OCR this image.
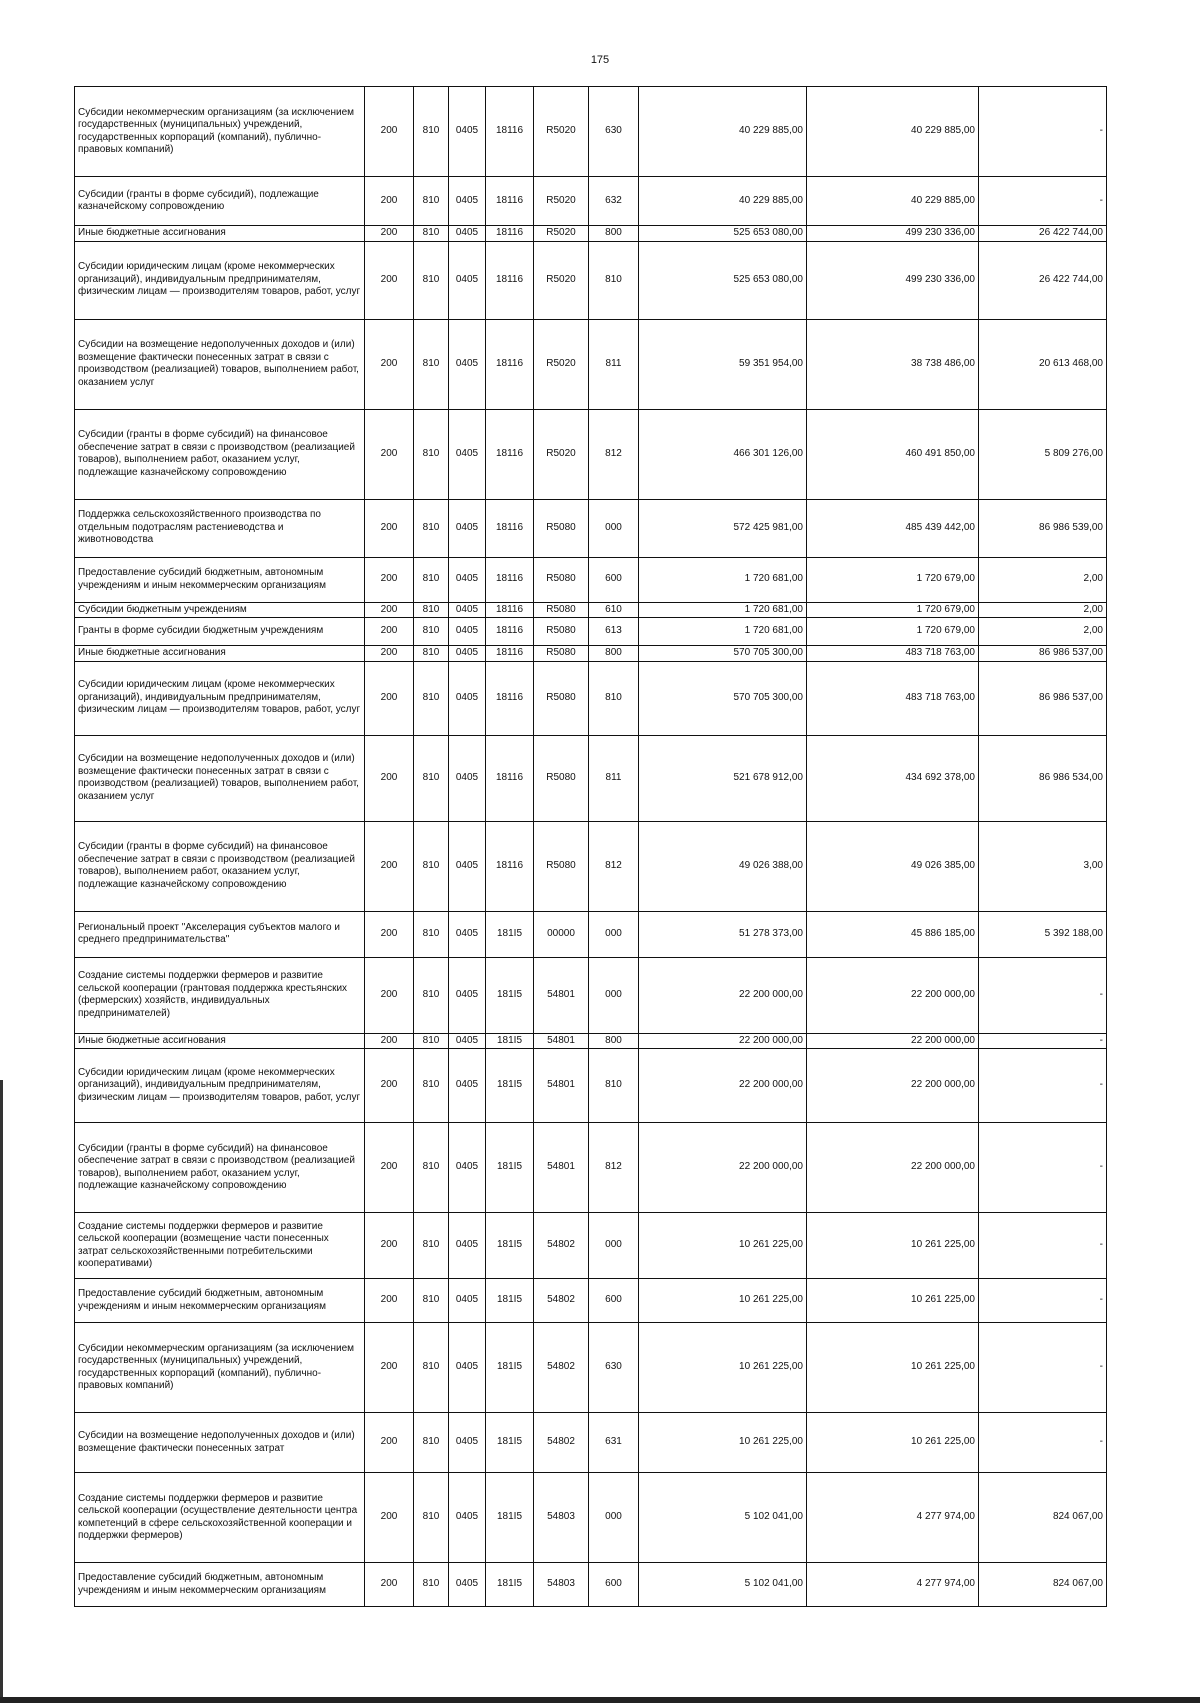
175
Субсидии некоммерческим организациям (за исключением государственных (муниципальных) учреждений, государственных корпораций (компаний), публично-правовых компаний)	200	810	0405	18116	R5020	630	40 229 885,00	40 229 885,00	-
Субсидии (гранты в форме субсидий), подлежащие казначейскому сопровождению	200	810	0405	18116	R5020	632	40 229 885,00	40 229 885,00	-
Иные бюджетные ассигнования	200	810	0405	18116	R5020	800	525 653 080,00	499 230 336,00	26 422 744,00
Субсидии юридическим лицам (кроме некоммерческих организаций), индивидуальным предпринимателям, физическим лицам — производителям товаров, работ, услуг	200	810	0405	18116	R5020	810	525 653 080,00	499 230 336,00	26 422 744,00
Субсидии на возмещение недополученных доходов и (или) возмещение фактически понесенных затрат в связи с производством (реализацией) товаров, выполнением работ, оказанием услуг	200	810	0405	18116	R5020	811	59 351 954,00	38 738 486,00	20 613 468,00
Субсидии (гранты в форме субсидий) на финансовое обеспечение затрат в связи с производством (реализацией товаров), выполнением работ, оказанием услуг, подлежащие казначейскому сопровождению	200	810	0405	18116	R5020	812	466 301 126,00	460 491 850,00	5 809 276,00
Поддержка сельскохозяйственного производства по отдельным подотраслям растениеводства и животноводства	200	810	0405	18116	R5080	000	572 425 981,00	485 439 442,00	86 986 539,00
Предоставление субсидий бюджетным, автономным учреждениям и иным некоммерческим организациям	200	810	0405	18116	R5080	600	1 720 681,00	1 720 679,00	2,00
Субсидии бюджетным учреждениям	200	810	0405	18116	R5080	610	1 720 681,00	1 720 679,00	2,00
Гранты в форме субсидии бюджетным учреждениям	200	810	0405	18116	R5080	613	1 720 681,00	1 720 679,00	2,00
Иные бюджетные ассигнования	200	810	0405	18116	R5080	800	570 705 300,00	483 718 763,00	86 986 537,00
Субсидии юридическим лицам (кроме некоммерческих организаций), индивидуальным предпринимателям, физическим лицам — производителям товаров, работ, услуг	200	810	0405	18116	R5080	810	570 705 300,00	483 718 763,00	86 986 537,00
Субсидии на возмещение недополученных доходов и (или) возмещение фактически понесенных затрат в связи с производством (реализацией) товаров, выполнением работ, оказанием услуг	200	810	0405	18116	R5080	811	521 678 912,00	434 692 378,00	86 986 534,00
Субсидии (гранты в форме субсидий) на финансовое обеспечение затрат в связи с производством (реализацией товаров), выполнением работ, оказанием услуг, подлежащие казначейскому сопровождению	200	810	0405	18116	R5080	812	49 026 388,00	49 026 385,00	3,00
Региональный проект "Акселерация субъектов малого и среднего предпринимательства"	200	810	0405	181I5	00000	000	51 278 373,00	45 886 185,00	5 392 188,00
Создание системы поддержки фермеров и развитие сельской кооперации (грантовая поддержка крестьянских (фермерских) хозяйств, индивидуальных предпринимателей)	200	810	0405	181I5	54801	000	22 200 000,00	22 200 000,00	-
Иные бюджетные ассигнования	200	810	0405	181I5	54801	800	22 200 000,00	22 200 000,00	-
Субсидии юридическим лицам (кроме некоммерческих организаций), индивидуальным предпринимателям, физическим лицам — производителям товаров, работ, услуг	200	810	0405	181I5	54801	810	22 200 000,00	22 200 000,00	-
Субсидии (гранты в форме субсидий) на финансовое обеспечение затрат в связи с производством (реализацией товаров), выполнением работ, оказанием услуг, подлежащие казначейскому сопровождению	200	810	0405	181I5	54801	812	22 200 000,00	22 200 000,00	-
Создание системы поддержки фермеров и развитие сельской кооперации (возмещение части понесенных затрат сельскохозяйственными потребительскими кооперативами)	200	810	0405	181I5	54802	000	10 261 225,00	10 261 225,00	-
Предоставление субсидий бюджетным, автономным учреждениям и иным некоммерческим организациям	200	810	0405	181I5	54802	600	10 261 225,00	10 261 225,00	-
Субсидии некоммерческим организациям (за исключением государственных (муниципальных) учреждений, государственных корпораций (компаний), публично-правовых компаний)	200	810	0405	181I5	54802	630	10 261 225,00	10 261 225,00	-
Субсидии на возмещение недополученных доходов и (или) возмещение фактически понесенных затрат	200	810	0405	181I5	54802	631	10 261 225,00	10 261 225,00	-
Создание системы поддержки фермеров и развитие сельской кооперации (осуществление деятельности центра компетенций в сфере сельскохозяйственной кооперации и поддержки фермеров)	200	810	0405	181I5	54803	000	5 102 041,00	4 277 974,00	824 067,00
Предоставление субсидий бюджетным, автономным учреждениям и иным некоммерческим организациям	200	810	0405	181I5	54803	600	5 102 041,00	4 277 974,00	824 067,00
